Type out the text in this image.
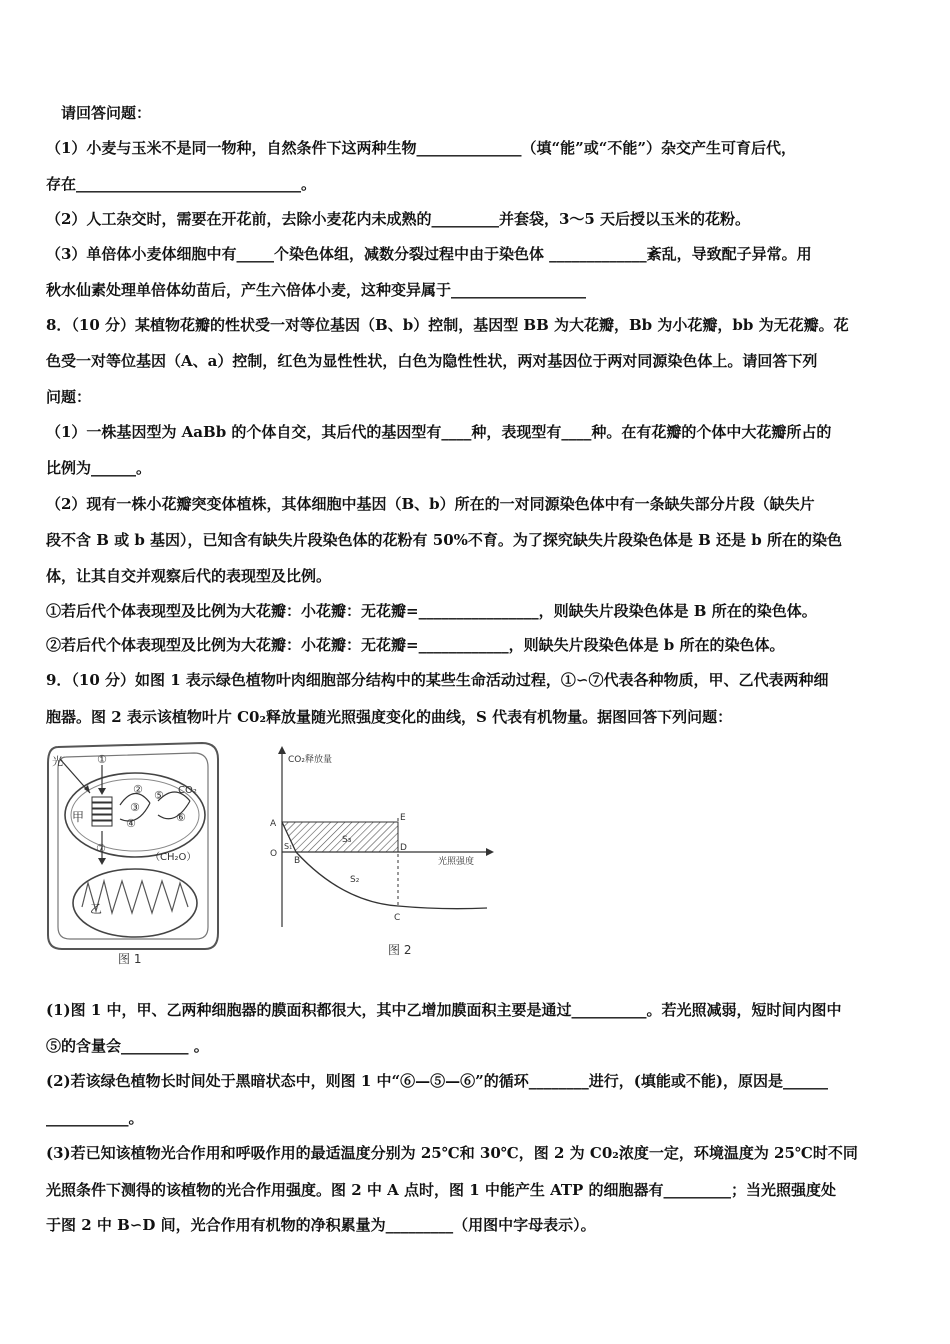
　请回答问题：
（1）小麦与玉米不是同一物种，自然条件下这两种生物______________（填“能”或“不能”）杂交产生可育后代，
存在______________________________。
（2）人工杂交时，需要在开花前，去除小麦花内未成熟的_________并套袋，3～5 天后授以玉米的花粉。
（3）单倍体小麦体细胞中有_____个染色体组，减数分裂过程中由于染色体 _____________紊乱，导致配子异常。用
秋水仙素处理单倍体幼苗后，产生六倍体小麦，这种变异属于__________________
8．（10 分）某植物花瓣的性状受一对等位基因（B、b）控制，基因型 BB 为大花瓣，Bb 为小花瓣，bb 为无花瓣。花
色受一对等位基因（A、a）控制，红色为显性性状，白色为隐性性状，两对基因位于两对同源染色体上。请回答下列
问题：
（1）一株基因型为 AaBb 的个体自交，其后代的基因型有____种，表现型有____种。在有花瓣的个体中大花瓣所占的
比例为______。
（2）现有一株小花瓣突变体植株，其体细胞中基因（B、b）所在的一对同源染色体中有一条缺失部分片段（缺失片
段不含 B 或 b 基因），已知含有缺失片段染色体的花粉有 50%不育。为了探究缺失片段染色体是 B 还是 b 所在的染色
体，让其自交并观察后代的表现型及比例。
①若后代个体表现型及比例为大花瓣：小花瓣：无花瓣=________________，则缺失片段染色体是 B 所在的染色体。
②若后代个体表现型及比例为大花瓣：小花瓣：无花瓣=____________，则缺失片段染色体是 b 所在的染色体。
9．（10 分）如图 1 表示绿色植物叶肉细胞部分结构中的某些生命活动过程，①∽⑦代表各种物质，甲、乙代表两种细
胞器。图 2 表示该植物叶片 C0₂释放量随光照强度变化的曲线，S 代表有机物量。据图回答下列问题：
(1)图 1 中，甲、乙两种细胞器的膜面积都很大，其中乙增加膜面积主要是通过__________。若光照减弱，短时间内图中
⑤的含量会_________ 。
(2)若该绿色植物长时间处于黑暗状态中，则图 1 中“⑥—⑤—⑥”的循环________进行，(填能或不能)，原因是______
___________。
(3)若已知该植物光合作用和呼吸作用的最适温度分别为 25℃和 30℃，图 2 为 C0₂浓度一定，环境温度为 25℃时不同
光照条件下测得的该植物的光合作用强度。图 2 中 A 点时，图 1 中能产生 ATP 的细胞器有_________；当光照强度处
于图 2 中 B∽D 间，光合作用有机物的净积累量为_________（用图中字母表示）。
光	①
②
③
④
⑤
⑥
⑦
CO₂
甲
乙
（CH₂O）
图 1
CO₂释放量
光照强度
A
O
S₁
B
S₃
E
D
S₂
C
图 2
